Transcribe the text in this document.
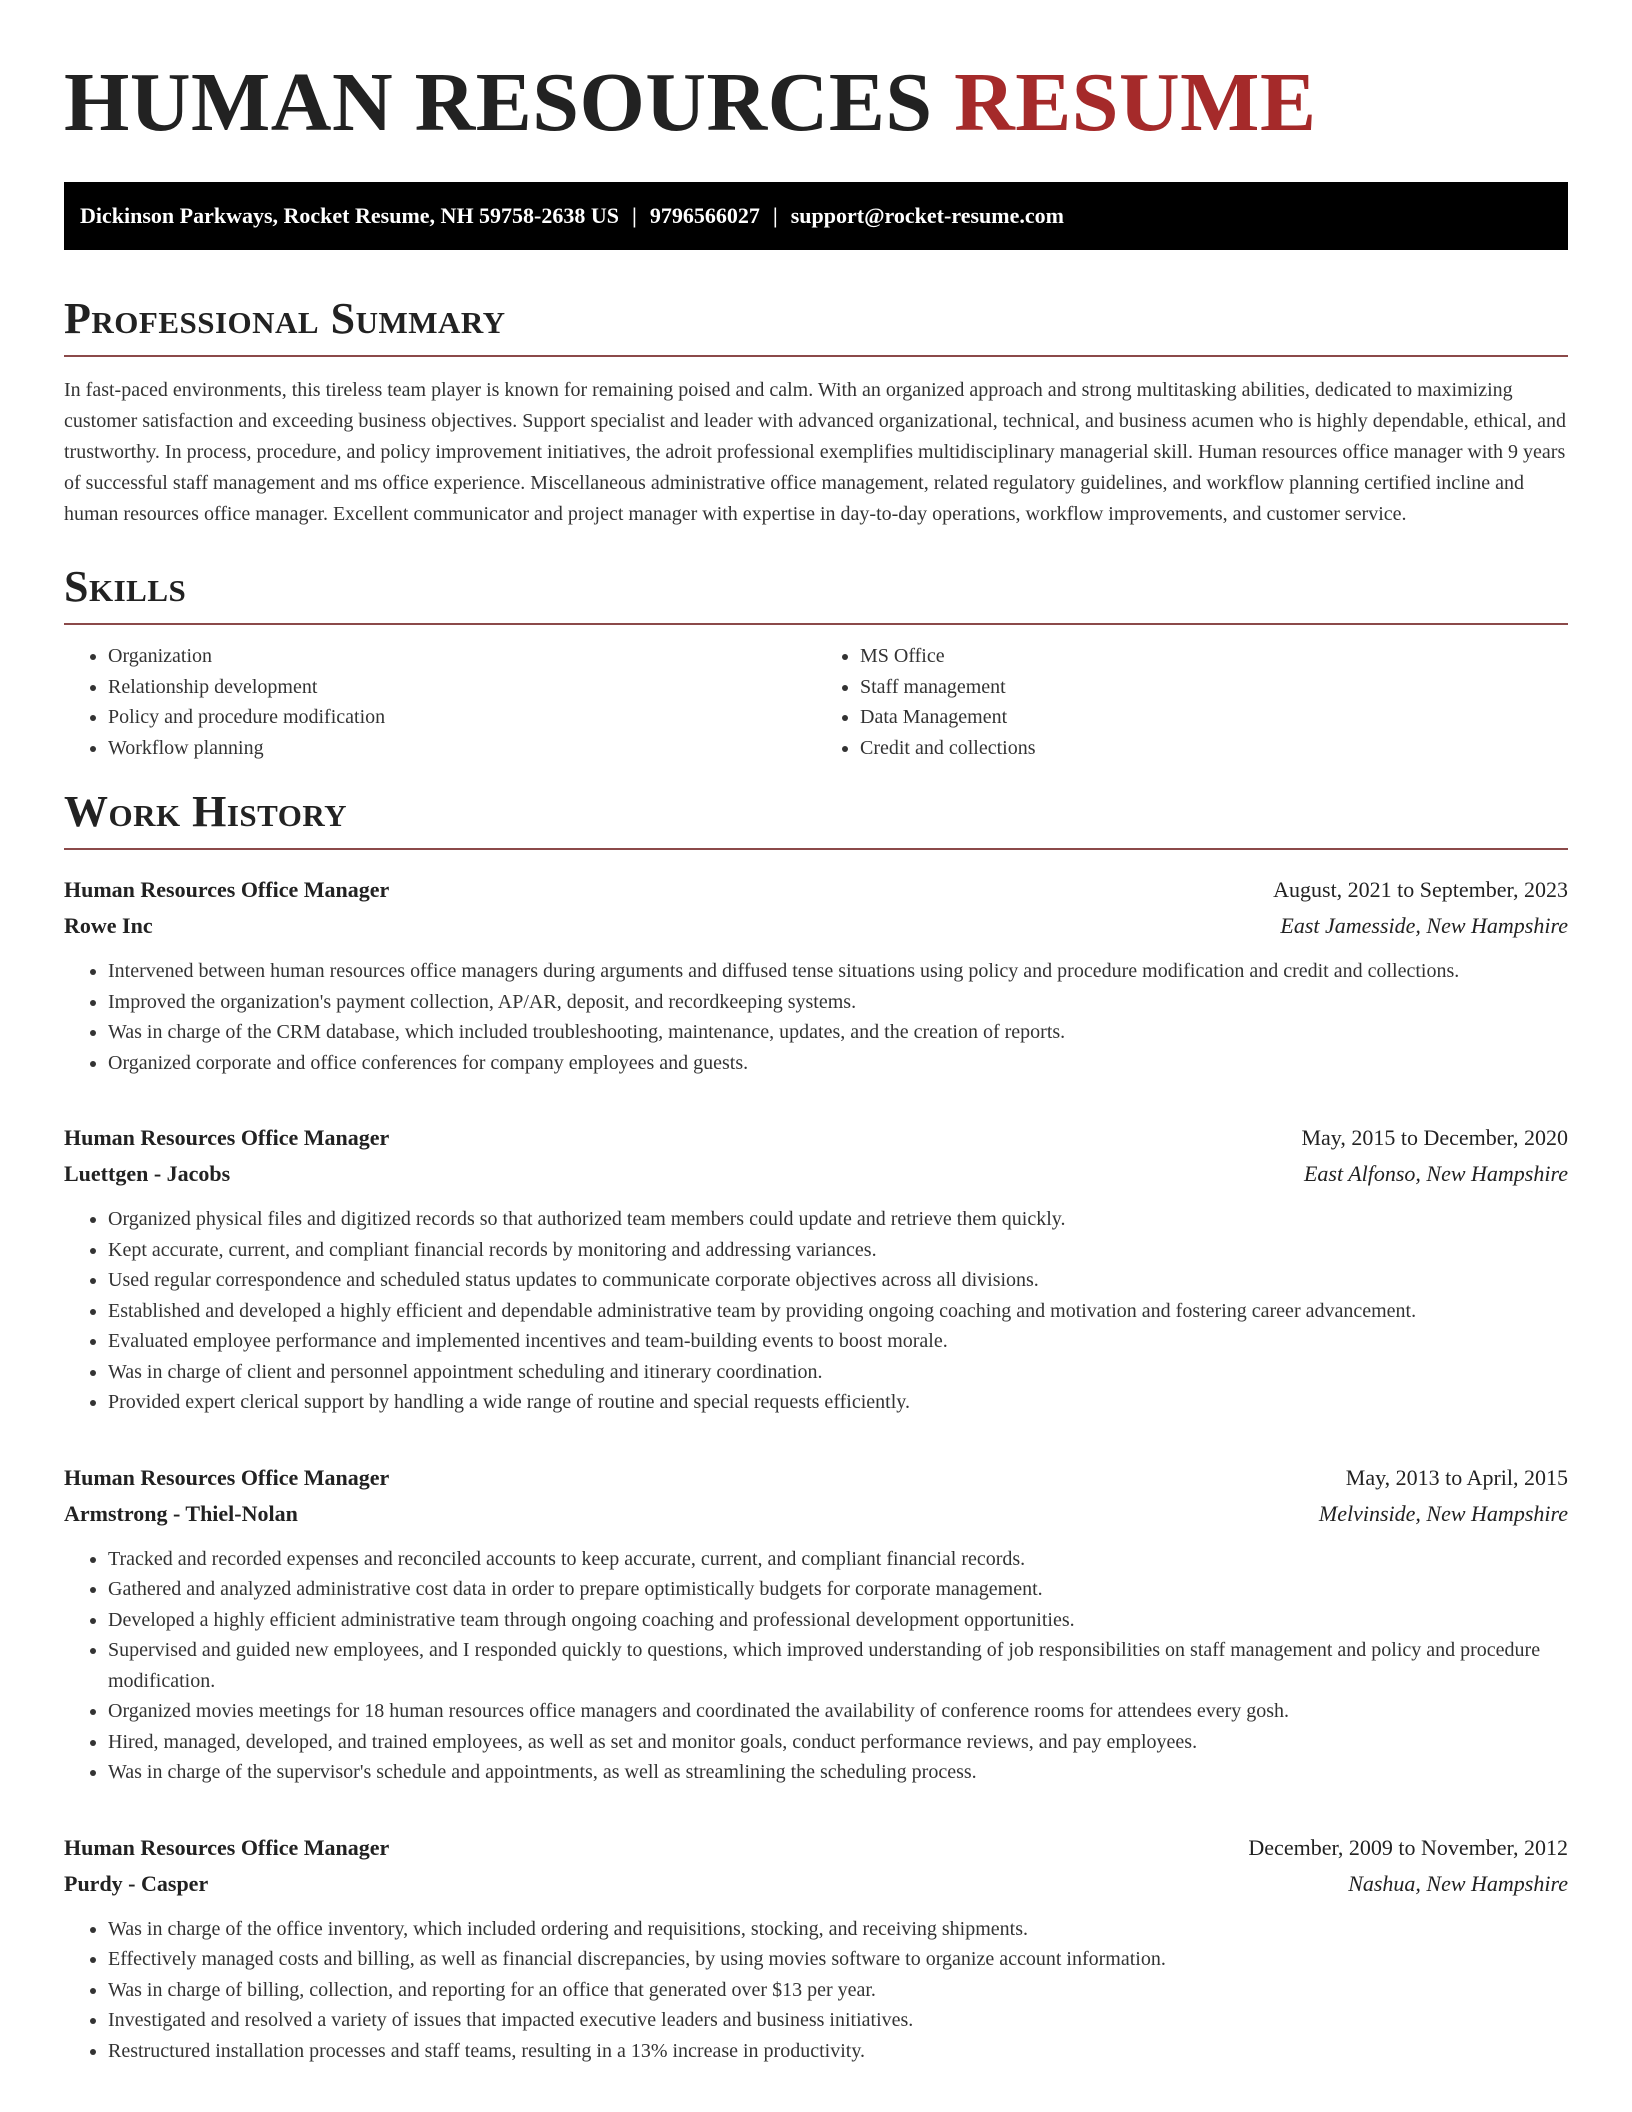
HUMAN RESOURCES RESUME
Dickinson Parkways, Rocket Resume, NH 59758-2638 US | 9796566027 | support@rocket-resume.com
Professional Summary

In fast-paced environments, this tireless team player is known for remaining poised and calm. With an organized approach and strong multitasking abilities, dedicated to maximizing customer satisfaction and exceeding business objectives. Support specialist and leader with advanced organizational, technical, and business acumen who is highly dependable, ethical, and trustworthy. In process, procedure, and policy improvement initiatives, the adroit professional exemplifies multidisciplinary managerial skill. Human resources office manager with 9 years of successful staff management and ms office experience. Miscellaneous administrative office management, related regulatory guidelines, and workflow planning certified incline and human resources office manager. Excellent communicator and project manager with expertise in day-to-day operations, workflow improvements, and customer service.

Skills
• Organization
• Relationship development
• Policy and procedure modification
• Workflow planning
• MS Office
• Staff management
• Data Management
• Credit and collections
Work History
Human Resources Office Manager	August, 2021 to September, 2023
Rowe Inc	East Jamesside, New Hampshire
• Intervened between human resources office managers during arguments and diffused tense situations using policy and procedure modification and credit and collections.
• Improved the organization's payment collection, AP/AR, deposit, and recordkeeping systems.
• Was in charge of the CRM database, which included troubleshooting, maintenance, updates, and the creation of reports.
• Organized corporate and office conferences for company employees and guests.
Human Resources Office Manager	May, 2015 to December, 2020
Luettgen - Jacobs	East Alfonso, New Hampshire
• Organized physical files and digitized records so that authorized team members could update and retrieve them quickly.
• Kept accurate, current, and compliant financial records by monitoring and addressing variances.
• Used regular correspondence and scheduled status updates to communicate corporate objectives across all divisions.
• Established and developed a highly efficient and dependable administrative team by providing ongoing coaching and motivation and fostering career advancement.
• Evaluated employee performance and implemented incentives and team-building events to boost morale.
• Was in charge of client and personnel appointment scheduling and itinerary coordination.
• Provided expert clerical support by handling a wide range of routine and special requests efficiently.
Human Resources Office Manager	May, 2013 to April, 2015
Armstrong - Thiel-Nolan	Melvinside, New Hampshire
• Tracked and recorded expenses and reconciled accounts to keep accurate, current, and compliant financial records.
• Gathered and analyzed administrative cost data in order to prepare optimistically budgets for corporate management.
• Developed a highly efficient administrative team through ongoing coaching and professional development opportunities.
• Supervised and guided new employees, and I responded quickly to questions, which improved understanding of job responsibilities on staff management and policy and procedure modification.
• Organized movies meetings for 18 human resources office managers and coordinated the availability of conference rooms for attendees every gosh.
• Hired, managed, developed, and trained employees, as well as set and monitor goals, conduct performance reviews, and pay employees.
• Was in charge of the supervisor's schedule and appointments, as well as streamlining the scheduling process.
Human Resources Office Manager	December, 2009 to November, 2012
Purdy - Casper	Nashua, New Hampshire
• Was in charge of the office inventory, which included ordering and requisitions, stocking, and receiving shipments.
• Effectively managed costs and billing, as well as financial discrepancies, by using movies software to organize account information.
• Was in charge of billing, collection, and reporting for an office that generated over $13 per year.
• Investigated and resolved a variety of issues that impacted executive leaders and business initiatives.
• Restructured installation processes and staff teams, resulting in a 13% increase in productivity.
